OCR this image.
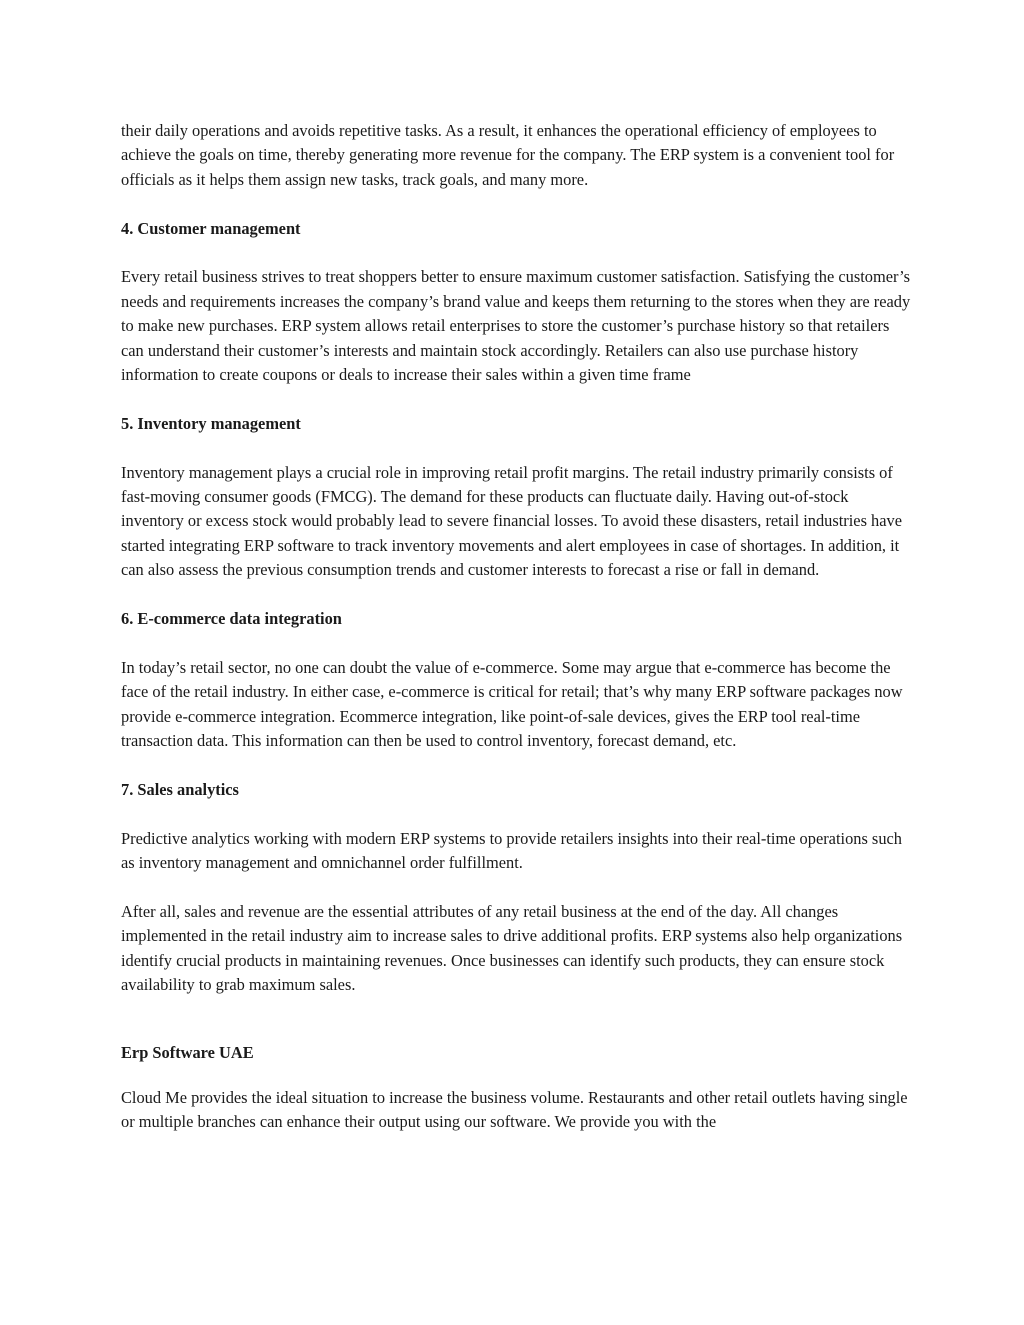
their daily operations and avoids repetitive tasks. As a result, it enhances the operational efficiency of employees to achieve the goals on time, thereby generating more revenue for the company. The ERP system is a convenient tool for officials as it helps them assign new tasks, track goals, and many more.

4. Customer management

Every retail business strives to treat shoppers better to ensure maximum customer satisfaction. Satisfying the customer’s needs and requirements increases the company’s brand value and keeps them returning to the stores when they are ready to make new purchases. ERP system allows retail enterprises to store the customer’s purchase history so that retailers can understand their customer’s interests and maintain stock accordingly. Retailers can also use purchase history information to create coupons or deals to increase their sales within a given time frame

5. Inventory management

Inventory management plays a crucial role in improving retail profit margins. The retail industry primarily consists of fast-moving consumer goods (FMCG). The demand for these products can fluctuate daily. Having out-of-stock inventory or excess stock would probably lead to severe financial losses. To avoid these disasters, retail industries have started integrating ERP software to track inventory movements and alert employees in case of shortages. In addition, it can also assess the previous consumption trends and customer interests to forecast a rise or fall in demand.

6. E-commerce data integration

In today’s retail sector, no one can doubt the value of e-commerce. Some may argue that e-commerce has become the face of the retail industry. In either case, e-commerce is critical for retail; that’s why many ERP software packages now provide e-commerce integration. Ecommerce integration, like point-of-sale devices, gives the ERP tool real-time transaction data. This information can then be used to control inventory, forecast demand, etc.

7. Sales analytics

Predictive analytics working with modern ERP systems to provide retailers insights into their real-time operations such as inventory management and omnichannel order fulfillment.

After all, sales and revenue are the essential attributes of any retail business at the end of the day. All changes implemented in the retail industry aim to increase sales to drive additional profits. ERP systems also help organizations identify crucial products in maintaining revenues. Once businesses can identify such products, they can ensure stock availability to grab maximum sales.

Erp Software UAE

Cloud Me provides the ideal situation to increase the business volume. Restaurants and other retail outlets having single or multiple branches can enhance their output using our software. We provide you with the
